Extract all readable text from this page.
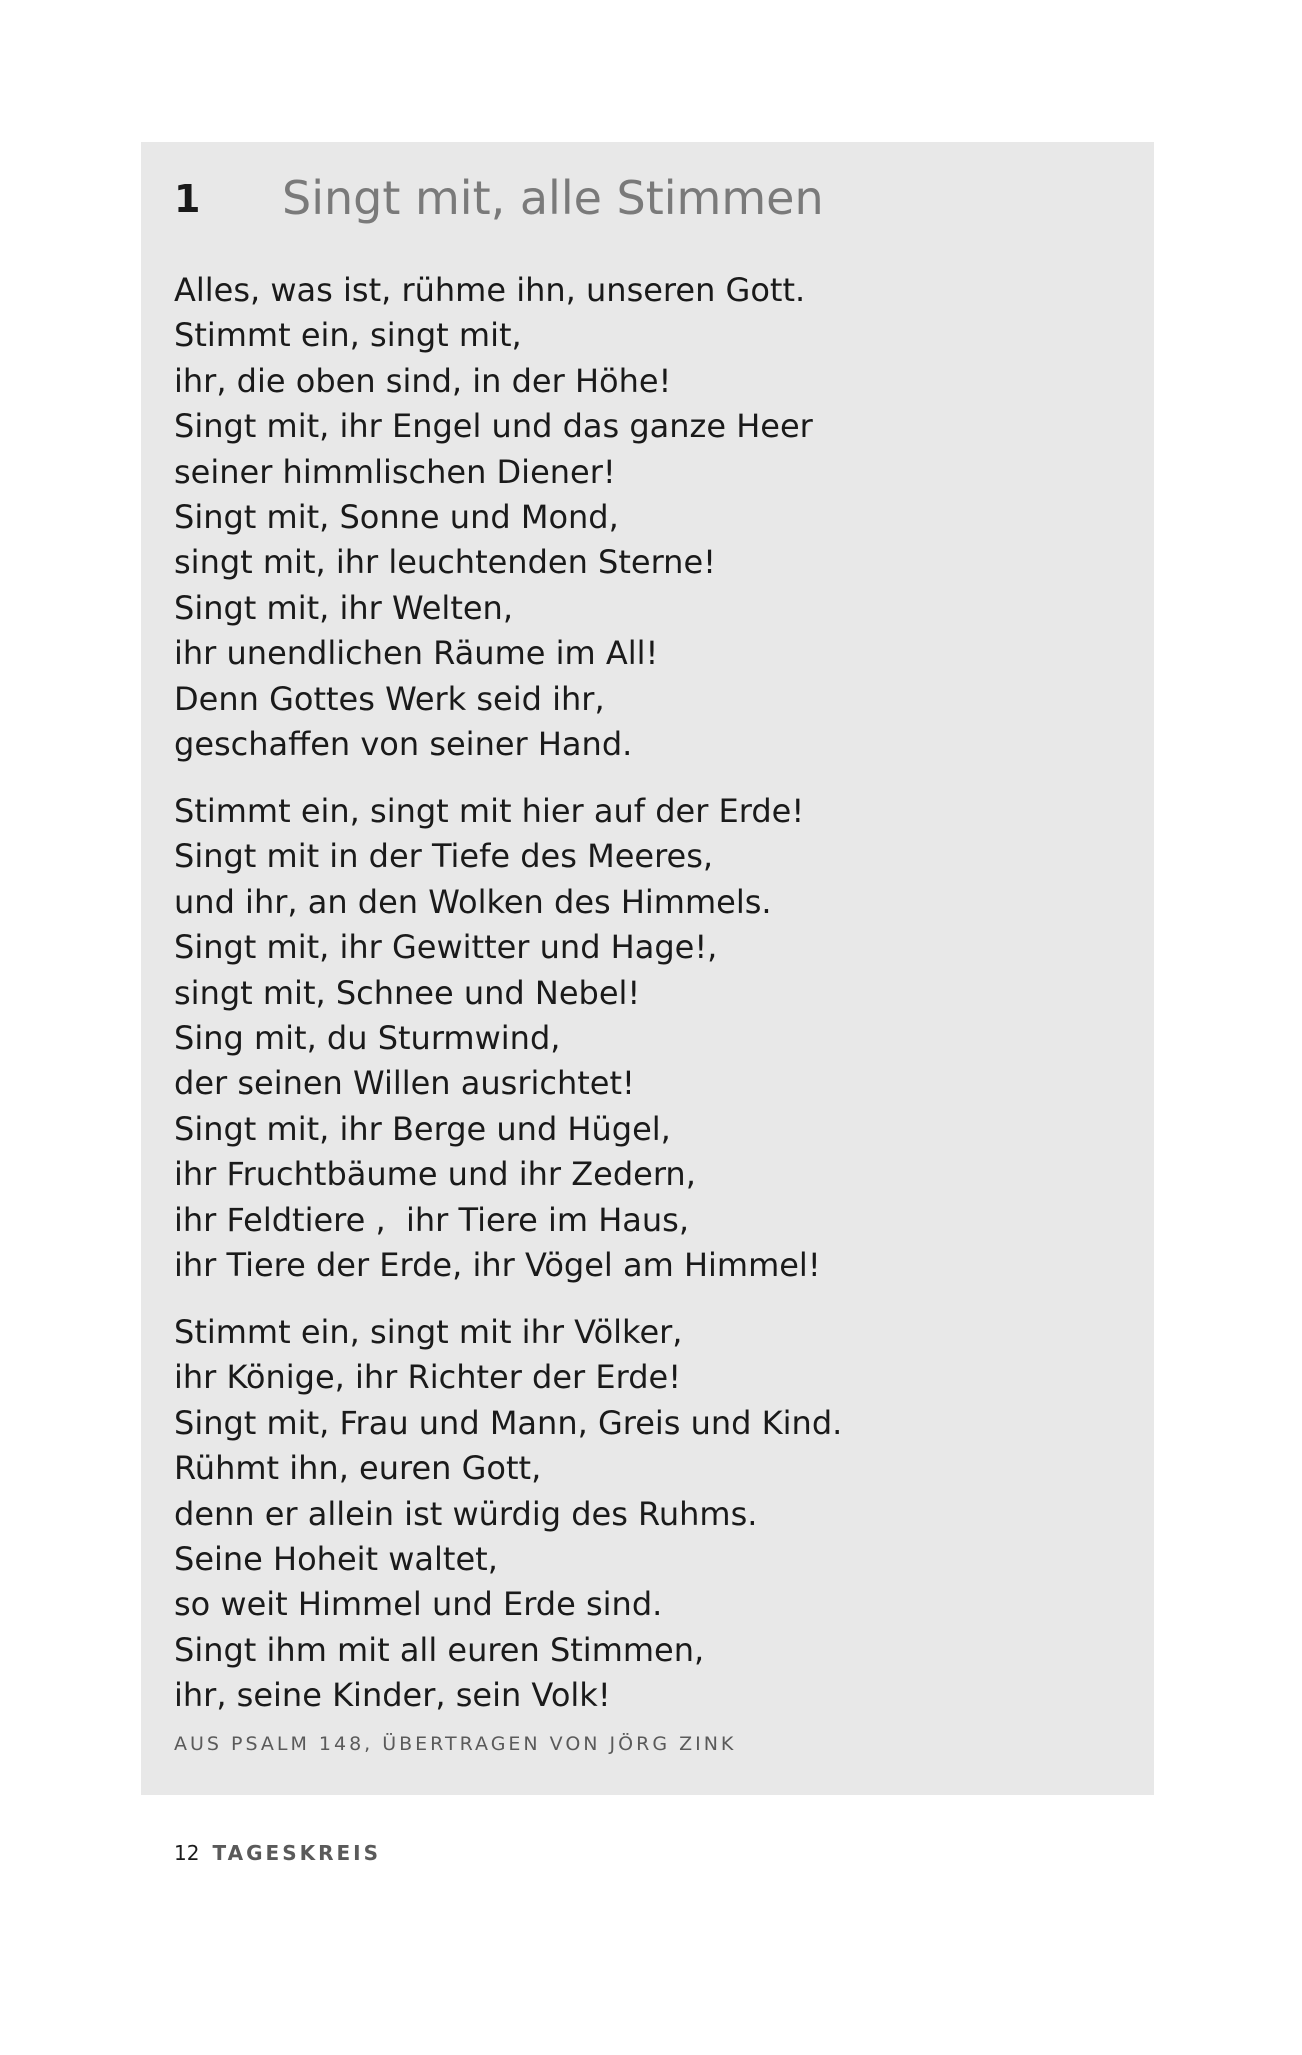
1 Singt mit, alle Stimmen
Alles, was ist, rühme ihn, unseren Gott.
Stimmt ein, singt mit,
ihr, die oben sind, in der Höhe!
Singt mit, ihr Engel und das ganze Heer
seiner himmlischen Diener!
Singt mit, Sonne und Mond,
singt mit, ihr leuchtenden Sterne!
Singt mit, ihr Welten,
ihr unendlichen Räume im All!
Denn Gottes Werk seid ihr,
geschaffen von seiner Hand.
Stimmt ein, singt mit hier auf der Erde!
Singt mit in der Tiefe des Meeres,
und ihr, an den Wolken des Himmels.
Singt mit, ihr Gewitter und Hage!,
singt mit, Schnee und Nebel!
Sing mit, du Sturmwind,
der seinen Willen ausrichtet!
Singt mit, ihr Berge und Hügel,
ihr Fruchtbäume und ihr Zedern,
ihr Feldtiere ,  ihr Tiere im Haus,
ihr Tiere der Erde, ihr Vögel am Himmel!
Stimmt ein, singt mit ihr Völker,
ihr Könige, ihr Richter der Erde!
Singt mit, Frau und Mann, Greis und Kind.
Rühmt ihn, euren Gott,
denn er allein ist würdig des Ruhms.
Seine Hoheit waltet,
so weit Himmel und Erde sind.
Singt ihm mit all euren Stimmen,
ihr, seine Kinder, sein Volk!
AUS PSALM 148, ÜBERTRAGEN VON JÖRG ZINK
12 TAGESKREIS
